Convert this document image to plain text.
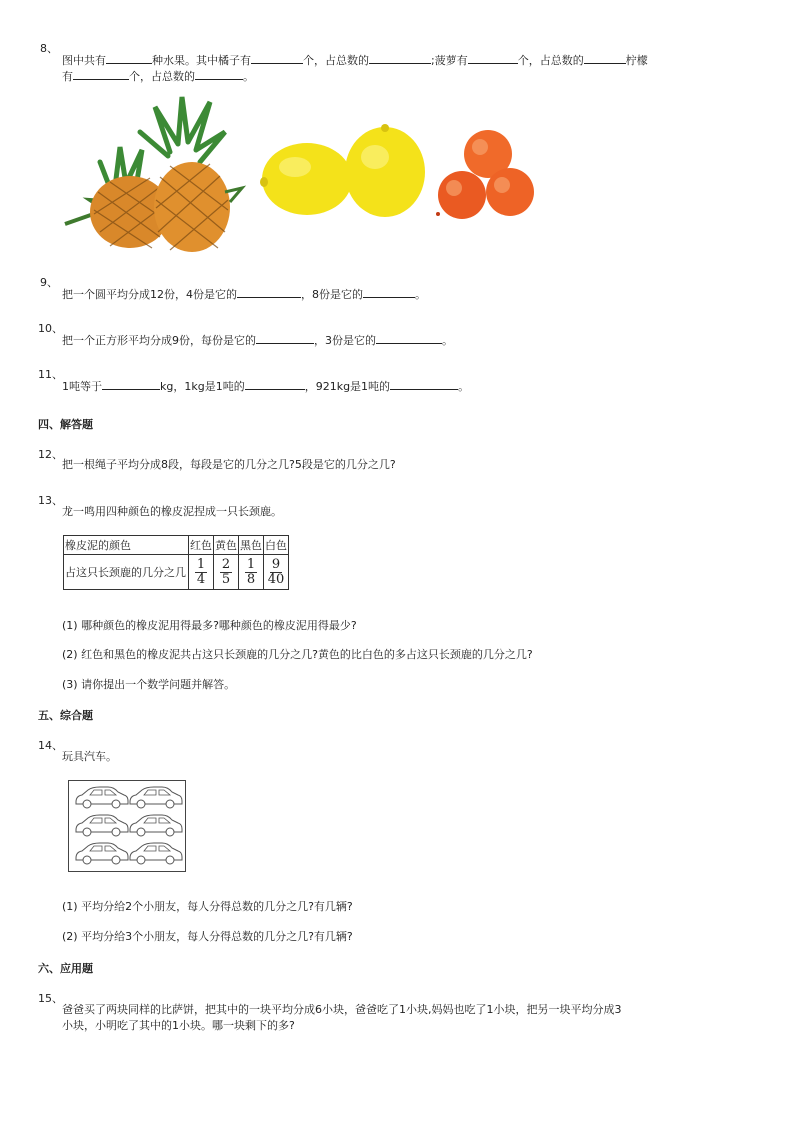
8、
图中共有	种水果。其中橘子有	个，占总数的	;菠萝有	个，占总数的	柠檬
有	个，占总数的	。
9、
把一个圆平均分成12份，4份是它的	，8份是它的	。
10、
把一个正方形平均分成9份，每份是它的	，3份是它的	。
11、
1吨等于	kg，1kg是1吨的	，921kg是1吨的	。
四、解答题
12、
把一根绳子平均分成8段，每段是它的几分之几?5段是它的几分之几?
13、
龙一鸣用四种颜色的橡皮泥捏成一只长颈鹿。
橡皮泥的颜色	红色	黄色	黑色	白色
占这只长颈鹿的几分之几	$\frac{1}{4}$	$\frac{2}{5}$	$\frac{1}{8}$	$\frac{9}{40}$
(1) 哪种颜色的橡皮泥用得最多?哪种颜色的橡皮泥用得最少?
(2) 红色和黑色的橡皮泥共占这只长颈鹿的几分之几?黄色的比白色的多占这只长颈鹿的几分之几?
(3) 请你提出一个数学问题并解答。
五、综合题
14、
玩具汽车。
(1) 平均分给2个小朋友，每人分得总数的几分之几?有几辆?
(2) 平均分给3个小朋友，每人分得总数的几分之几?有几辆?
六、应用题
15、
爸爸买了两块同样的比萨饼，把其中的一块平均分成6小块，爸爸吃了1小块,妈妈也吃了1小块，把另一块平均分成3
小块，小明吃了其中的1小块。哪一块剩下的多?
